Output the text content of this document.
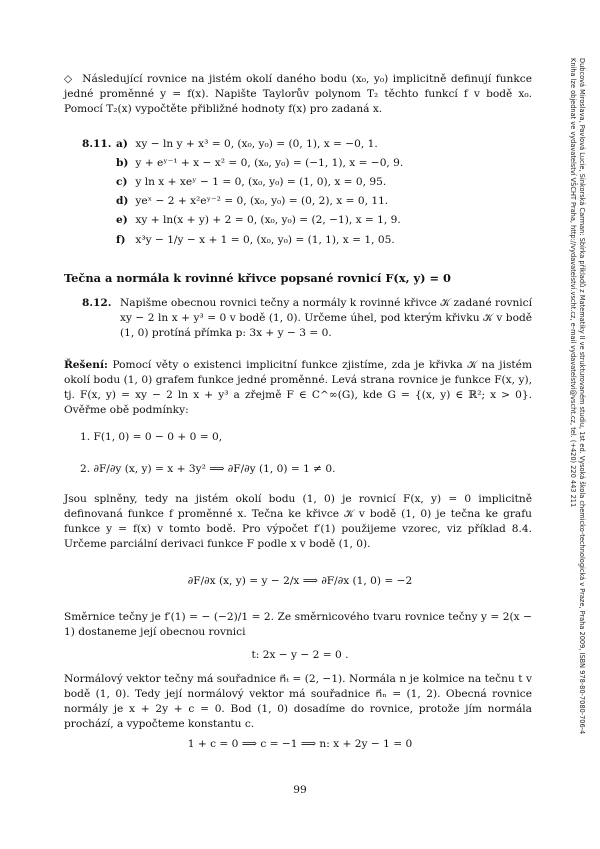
◇ Následující rovnice na jistém okolí daného bodu (x₀, y₀) implicitně definují funkce jedné proměnné y = f(x). Napište Taylorův polynom T₂ těchto funkcí f v bodě x₀. Pomocí T₂(x) vypočtěte přibližné hodnoty f(x) pro zadaná x.
8.11. a) xy − ln y + x³ = 0, (x₀, y₀) = (0, 1), x = −0, 1.
b) y + eʸ⁻¹ + x − x² = 0, (x₀, y₀) = (−1, 1), x = −0, 9.
c) y ln x + xeʸ − 1 = 0, (x₀, y₀) = (1, 0), x = 0, 95.
d) yeˣ − 2 + x²eʸ⁻² = 0, (x₀, y₀) = (0, 2), x = 0, 11.
e) xy + ln(x + y) + 2 = 0, (x₀, y₀) = (2, −1), x = 1, 9.
f) x³y − 1/y − x + 1 = 0, (x₀, y₀) = (1, 1), x = 1, 05.
Tečna a normála k rovinné křivce popsané rovnicí F(x, y) = 0
8.12. Napišme obecnou rovnici tečny a normály k rovinné křivce 𝒦 zadané rovnicí xy − 2 ln x + y³ = 0 v bodě (1, 0). Určeme úhel, pod kterým křivku 𝒦 v bodě (1, 0) protíná přímka p: 3x + y − 3 = 0.
Řešení: Pomocí věty o existenci implicitní funkce zjistíme, zda je křivka 𝒦 na jistém okolí bodu (1, 0) grafem funkce jedné proměnné. Levá strana rovnice je funkce F(x, y), tj. F(x, y) = xy − 2 ln x + y³ a zřejmě F ∈ C^∞(G), kde G = {(x, y) ∈ ℝ²; x > 0}. Ověřme obě podmínky:
1. F(1, 0) = 0 − 0 + 0 = 0,
2. ∂F/∂y (x, y) = x + 3y² ⟹ ∂F/∂y (1, 0) = 1 ≠ 0.
Jsou splněny, tedy na jistém okolí bodu (1, 0) je rovnicí F(x, y) = 0 implicitně definovaná funkce f proměnné x. Tečna ke křivce 𝒦 v bodě (1, 0) je tečna ke grafu funkce y = f(x) v tomto bodě. Pro výpočet f′(1) použijeme vzorec, viz příklad 8.4. Určeme parciální derivaci funkce F podle x v bodě (1, 0).
∂F/∂x (x, y) = y − 2/x ⟹ ∂F/∂x (1, 0) = −2
Směrnice tečny je f′(1) = − (−2)/1 = 2. Ze směrnicového tvaru rovnice tečny y = 2(x − 1) dostaneme její obecnou rovnici
t: 2x − y − 2 = 0 .
Normálový vektor tečny má souřadnice n⃗ₜ = (2, −1). Normála n je kolmice na tečnu t v bodě (1, 0). Tedy její normálový vektor má souřadnice n⃗ₙ = (1, 2). Obecná rovnice normály je x + 2y + c = 0. Bod (1, 0) dosadíme do rovnice, protože jím normála prochází, a vypočteme konstantu c.
1 + c = 0 ⟹ c = −1 ⟹ n: x + 2y − 1 = 0
99
Dubcová Miroslava, Pavlová Lucie, Sinkorská Carman: Sbírka příkladů z Matematiky II ve strukturovaném studiu, 1st ed. Vysoká škola chemicko-technologická v Praze, Praha 2009, ISBN 978-80-7080-706-4
Kniha lze objednat ve vydavatelství VŠCHT Praha, http://vydavatelstvi.vscht.cz, e-mail vydavatelstvi@vscht.cz, tel. (+420) 220 443 211
